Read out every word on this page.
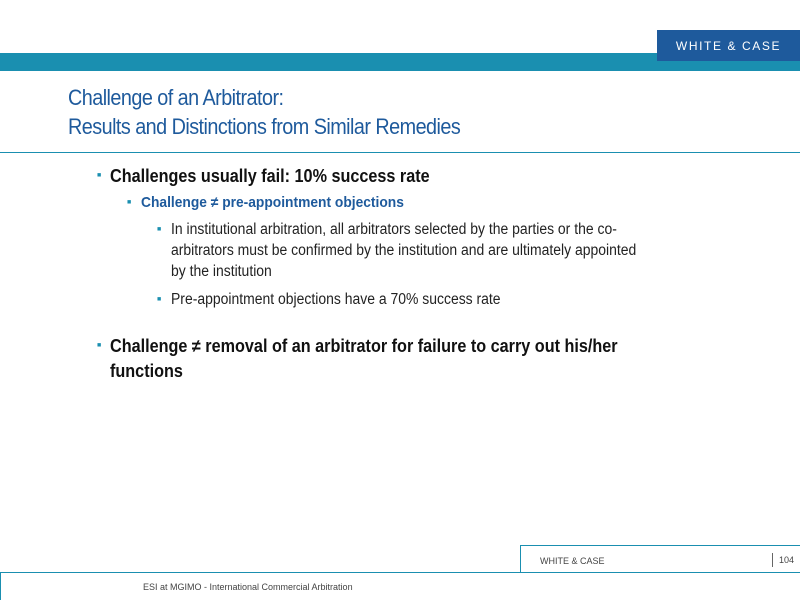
WHITE & CASE
Challenge of an Arbitrator:
Results and Distinctions from Similar Remedies
■ Challenges usually fail: 10% success rate
■ Challenge ≠ pre-appointment objections
■ In institutional arbitration, all arbitrators selected by the parties or the co-
arbitrators must be confirmed by the institution and are ultimately appointed
by the institution
■ Pre-appointment objections have a 70% success rate
■ Challenge ≠ removal of an arbitrator for failure to carry out his/her
functions
WHITE & CASE	104
ESI at MGIMO - International Commercial Arbitration
